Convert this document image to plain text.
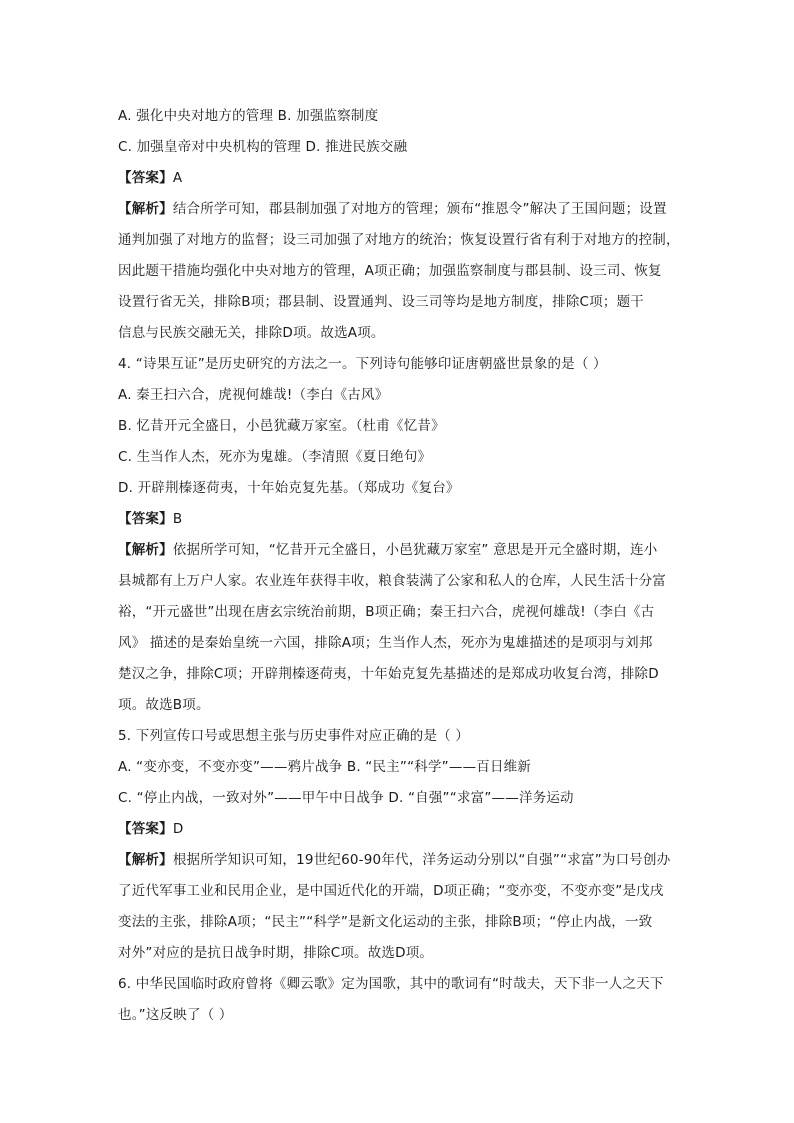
A. 强化中央对地方的管理 B. 加强监察制度
C. 加强皇帝对中央机构的管理 D. 推进民族交融
【答案】A
【解析】结合所学可知，郡县制加强了对地方的管理；颁布“推恩令”解决了王国问题；设置
通判加强了对地方的监督；设三司加强了对地方的统治；恢复设置行省有利于对地方的控制，
因此题干措施均强化中央对地方的管理，A项正确；加强监察制度与郡县制、设三司、恢复
设置行省无关，排除B项；郡县制、设置通判、设三司等均是地方制度，排除C项；题干
信息与民族交融无关，排除D项。故选A项。
4. “诗果互证”是历史研究的方法之一。下列诗句能够印证唐朝盛世景象的是（ ）
A. 秦王扫六合，虎视何雄哉!（李白《古风》
B. 忆昔开元全盛日，小邑犹藏万家室。（杜甫《忆昔》
C. 生当作人杰，死亦为鬼雄。（李清照《夏日绝句》
D. 开辟荆榛逐荷夷，十年始克复先基。（郑成功《复台》
【答案】B
【解析】依据所学可知，“忆昔开元全盛日，小邑犹藏万家室” 意思是开元全盛时期，连小
县城都有上万户人家。农业连年获得丰收，粮食装满了公家和私人的仓库，人民生活十分富
裕，“开元盛世”出现在唐玄宗统治前期，B项正确；秦王扫六合，虎视何雄哉!（李白《古
风》 描述的是秦始皇统一六国，排除A项；生当作人杰，死亦为鬼雄描述的是项羽与刘邦
楚汉之争，排除C项；开辟荆榛逐荷夷，十年始克复先基描述的是郑成功收复台湾，排除D
项。故选B项。
5. 下列宣传口号或思想主张与历史事件对应正确的是（ ）
A. “变亦变，不变亦变”——鸦片战争 B. “民主”“科学”——百日维新
C. “停止内战，一致对外”——甲午中日战争 D. “自强”“求富”——洋务运动
【答案】D
【解析】根据所学知识可知，19世纪60-90年代，洋务运动分别以“自强”“求富”为口号创办
了近代军事工业和民用企业，是中国近代化的开端，D项正确；“变亦变，不变亦变”是戊戌
变法的主张，排除A项；“民主”“科学”是新文化运动的主张，排除B项；“停止内战，一致
对外”对应的是抗日战争时期，排除C项。故选D项。
6. 中华民国临时政府曾将《卿云歌》定为国歌，其中的歌词有“时哉夫，天下非一人之天下
也。”这反映了（ ）
